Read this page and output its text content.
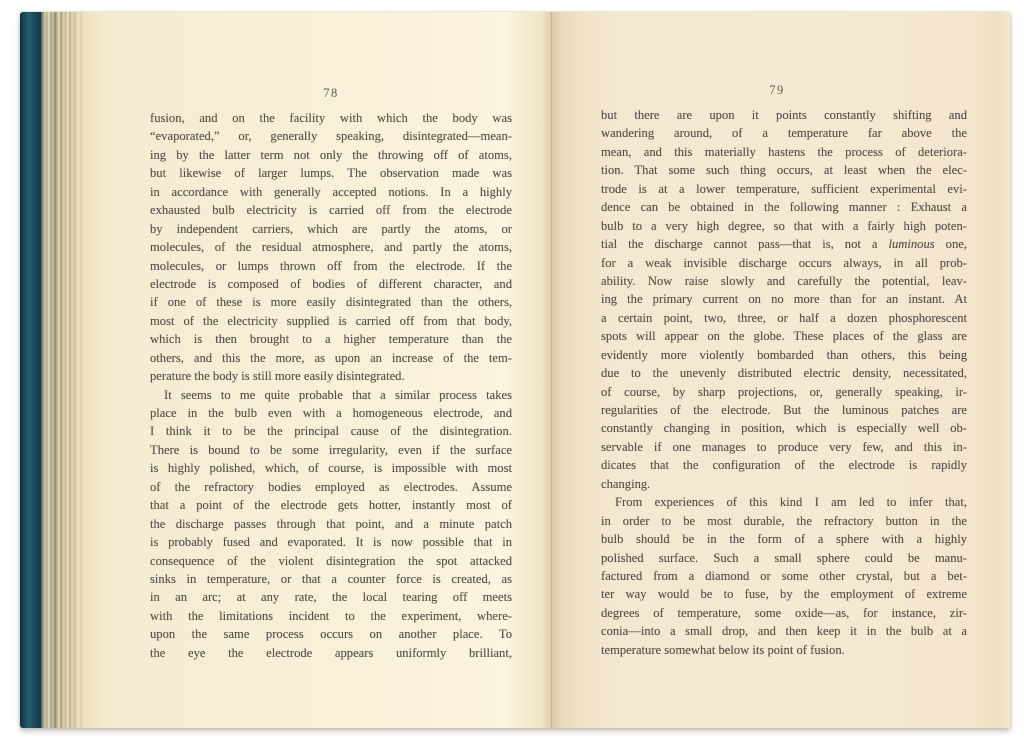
78
fusion, and on the facility with which the body was
“evaporated,” or, generally speaking, disintegrated—mean-
ing by the latter term not only the throwing off of atoms,
but likewise of larger lumps. The observation made was
in accordance with generally accepted notions. In a highly
exhausted bulb electricity is carried off from the electrode
by independent carriers, which are partly the atoms, or
molecules, of the residual atmosphere, and partly the atoms,
molecules, or lumps thrown off from the electrode. If the
electrode is composed of bodies of different character, and
if one of these is more easily disintegrated than the others,
most of the electricity supplied is carried off from that body,
which is then brought to a higher temperature than the
others, and this the more, as upon an increase of the tem-
perature the body is still more easily disintegrated.
It seems to me quite probable that a similar process takes
place in the bulb even with a homogeneous electrode, and
I think it to be the principal cause of the disintegration.
There is bound to be some irregularity, even if the surface
is highly polished, which, of course, is impossible with most
of the refractory bodies employed as electrodes. Assume
that a point of the electrode gets hotter, instantly most of
the discharge passes through that point, and a minute patch
is probably fused and evaporated. It is now possible that in
consequence of the violent disintegration the spot attacked
sinks in temperature, or that a counter force is created, as
in an arc; at any rate, the local tearing off meets
with the limitations incident to the experiment, where-
upon the same process occurs on another place. To
the eye the electrode appears uniformly brilliant,
79
but there are upon it points constantly shifting and
wandering around, of a temperature far above the
mean, and this materially hastens the process of deteriora-
tion. That some such thing occurs, at least when the elec-
trode is at a lower temperature, sufficient experimental evi-
dence can be obtained in the following manner : Exhaust a
bulb to a very high degree, so that with a fairly high poten-
tial the discharge cannot pass—that is, not a luminous one,
for a weak invisible discharge occurs always, in all prob-
ability. Now raise slowly and carefully the potential, leav-
ing the primary current on no more than for an instant. At
a certain point, two, three, or half a dozen phosphorescent
spots will appear on the globe. These places of the glass are
evidently more violently bombarded than others, this being
due to the unevenly distributed electric density, necessitated,
of course, by sharp projections, or, generally speaking, ir-
regularities of the electrode. But the luminous patches are
constantly changing in position, which is especially well ob-
servable if one manages to produce very few, and this in-
dicates that the configuration of the electrode is rapidly
changing.
From experiences of this kind I am led to infer that,
in order to be most durable, the refractory button in the
bulb should be in the form of a sphere with a highly
polished surface. Such a small sphere could be manu-
factured from a diamond or some other crystal, but a bet-
ter way would be to fuse, by the employment of extreme
degrees of temperature, some oxide—as, for instance, zir-
conia—into a small drop, and then keep it in the bulb at a
temperature somewhat below its point of fusion.
